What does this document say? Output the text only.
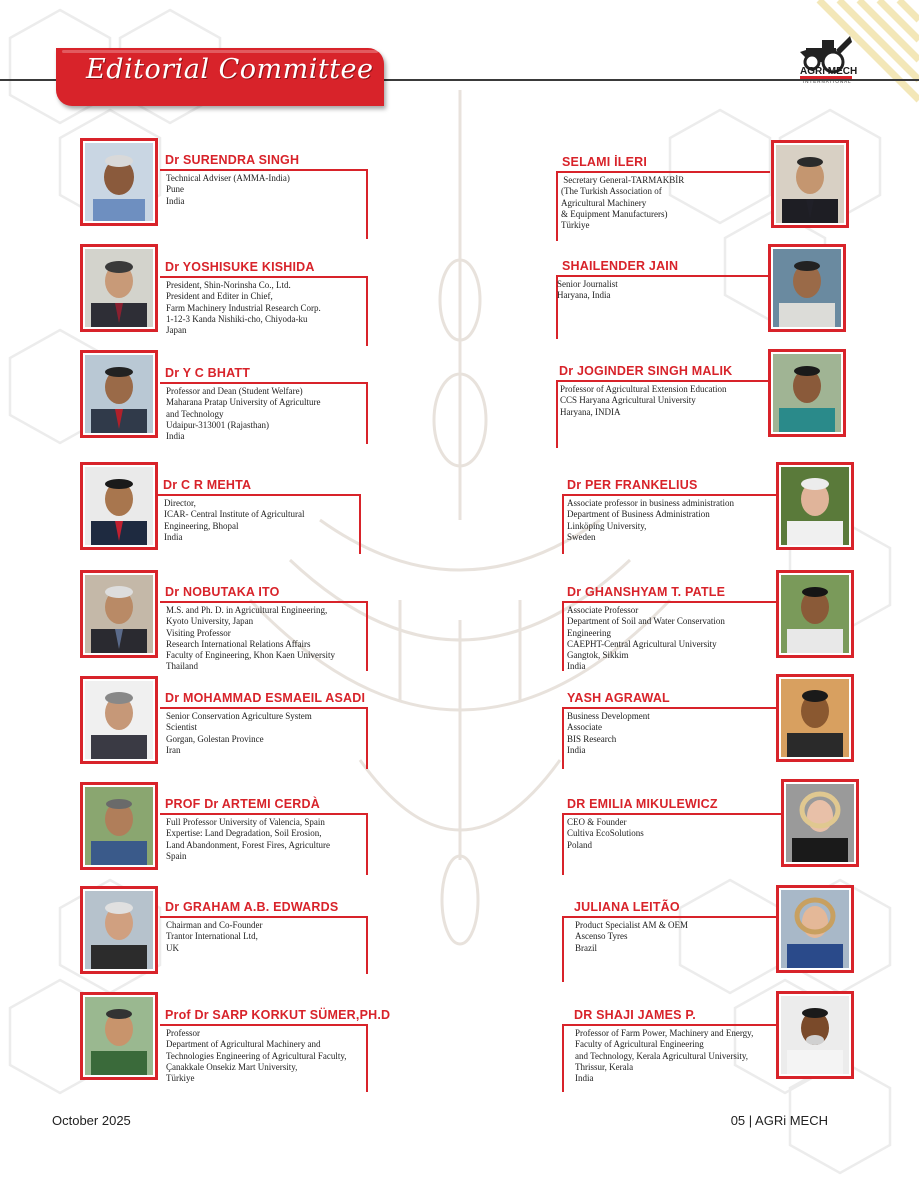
Editorial Committee	AGRi MECH
INTERNATIONAL
Dr SURENDRA SINGH
Technical Adviser (AMMA-India)
Pune
India
Dr YOSHISUKE KISHIDA
President, Shin-Norinsha Co., Ltd.
President and Editer in Chief,
Farm Machinery Industrial Research Corp.
1-12-3 Kanda Nishiki-cho, Chiyoda-ku
Japan
Dr Y C BHATT
Professor and Dean (Student Welfare)
Maharana Pratap University of Agriculture
and Technology
Udaipur-313001 (Rajasthan)
India
Dr C R MEHTA
Director,
ICAR- Central Institute of Agricultural
Engineering, Bhopal
India
Dr NOBUTAKA ITO
M.S. and Ph. D. in Agricultural Engineering,
Kyoto University, Japan
Visiting Professor
Research International Relations Affairs
Faculty of Engineering, Khon Kaen University
Thailand
Dr MOHAMMAD ESMAEIL ASADI
Senior Conservation Agriculture System
Scientist
Gorgan, Golestan Province
Iran
PROF Dr ARTEMI CERDÀ
Full Professor University of Valencia, Spain
Expertise: Land Degradation, Soil Erosion,
Land Abandonment, Forest Fires, Agriculture
Spain
Dr GRAHAM A.B. EDWARDS
Chairman and Co-Founder
Trantor International Ltd,
UK
Prof Dr SARP KORKUT SÜMER,PH.D
Professor
Department of Agricultural Machinery and
Technologies Engineering of Agricultural Faculty,
Çanakkale Onsekiz Mart University,
Türkiye
SELAMI İLERI
Secretary General-TARMAKBİR
(The Turkish Association of
Agricultural Machinery
& Equipment Manufacturers)
Türkiye
SHAILENDER JAIN
Senior Journalist
Haryana, India
Dr JOGINDER SINGH MALIK
Professor of Agricultural Extension Education
CCS Haryana Agricultural University
Haryana, INDIA
Dr PER FRANKELIUS
Associate professor in business administration
Department of Business Administration
Linköping University,
Sweden
Dr GHANSHYAM T. PATLE
Associate Professor
Department of Soil and Water Conservation
Engineering
CAEPHT-Central Agricultural University
Gangtok, Sikkim
India
YASH AGRAWAL
Business Development
Associate
BIS Research
India
DR EMILIA MIKULEWICZ
CEO & Founder
Cultiva EcoSolutions
Poland
JULIANA LEITÃO
Product Specialist AM & OEM
Ascenso Tyres
Brazil
DR SHAJI JAMES P.
Professor of Farm Power, Machinery and Energy,
Faculty of Agricultural Engineering
and Technology, Kerala Agricultural University,
Thrissur, Kerala
India
October 2025	05 | AGRi MECH
